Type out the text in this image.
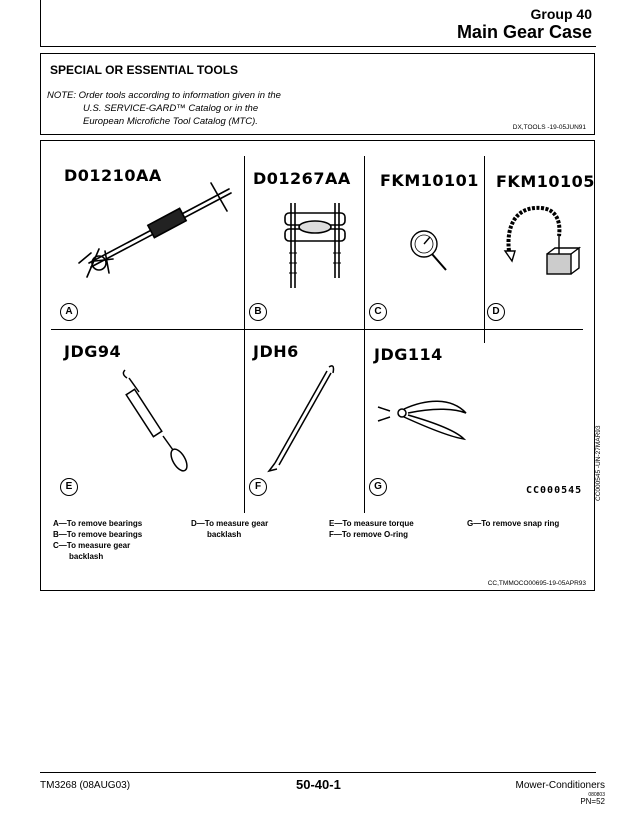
Group 40
Main Gear Case
SPECIAL OR ESSENTIAL TOOLS
NOTE: Order tools according to information given in the
U.S. SERVICE-GARD™ Catalog or in the
European Microfiche Tool Catalog (MTC).
DX,TOOLS -19-05JUN91
D01210AA	D01267AA FKM10101 FKM10105
JDG94	JDH6	JDG114
A	B	C	D
E	F	G	CC000545 CC000545 -UN-27MAR93
A—To remove bearings
B—To remove bearings
C—To measure gear
backlash
D—To measure gear
backlash
E—To measure torque
F—To remove O-ring
G—To remove snap ring
CC,TMMOCO00695-19-05APR93
TM3268 (08AUG03)	50-40-1	Mower-Conditioners
080803
PN=52
